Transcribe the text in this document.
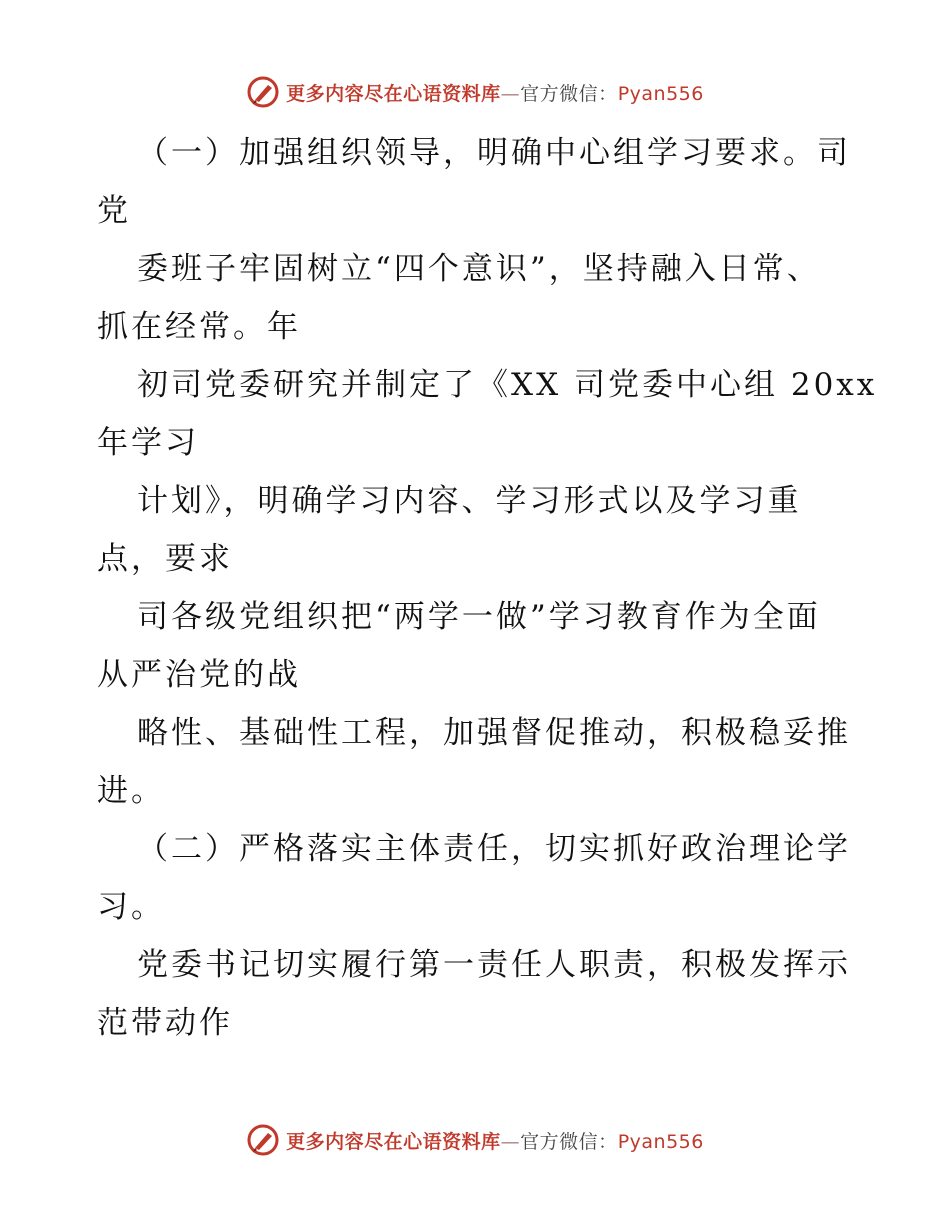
更多内容尽在心语资料库—官方微信：Pyan556
（一）加强组织领导，明确中心组学习要求。司
党
委班子牢固树立“四个意识”，坚持融入日常、
抓在经常。年
初司党委研究并制定了《XX 司党委中心组 20xx
年学习
计划》，明确学习内容、学习形式以及学习重
点，要求
司各级党组织把“两学一做”学习教育作为全面
从严治党的战
略性、基础性工程，加强督促推动，积极稳妥推
进。
（二）严格落实主体责任，切实抓好政治理论学
习。
党委书记切实履行第一责任人职责，积极发挥示
范带动作
更多内容尽在心语资料库—官方微信：Pyan556
